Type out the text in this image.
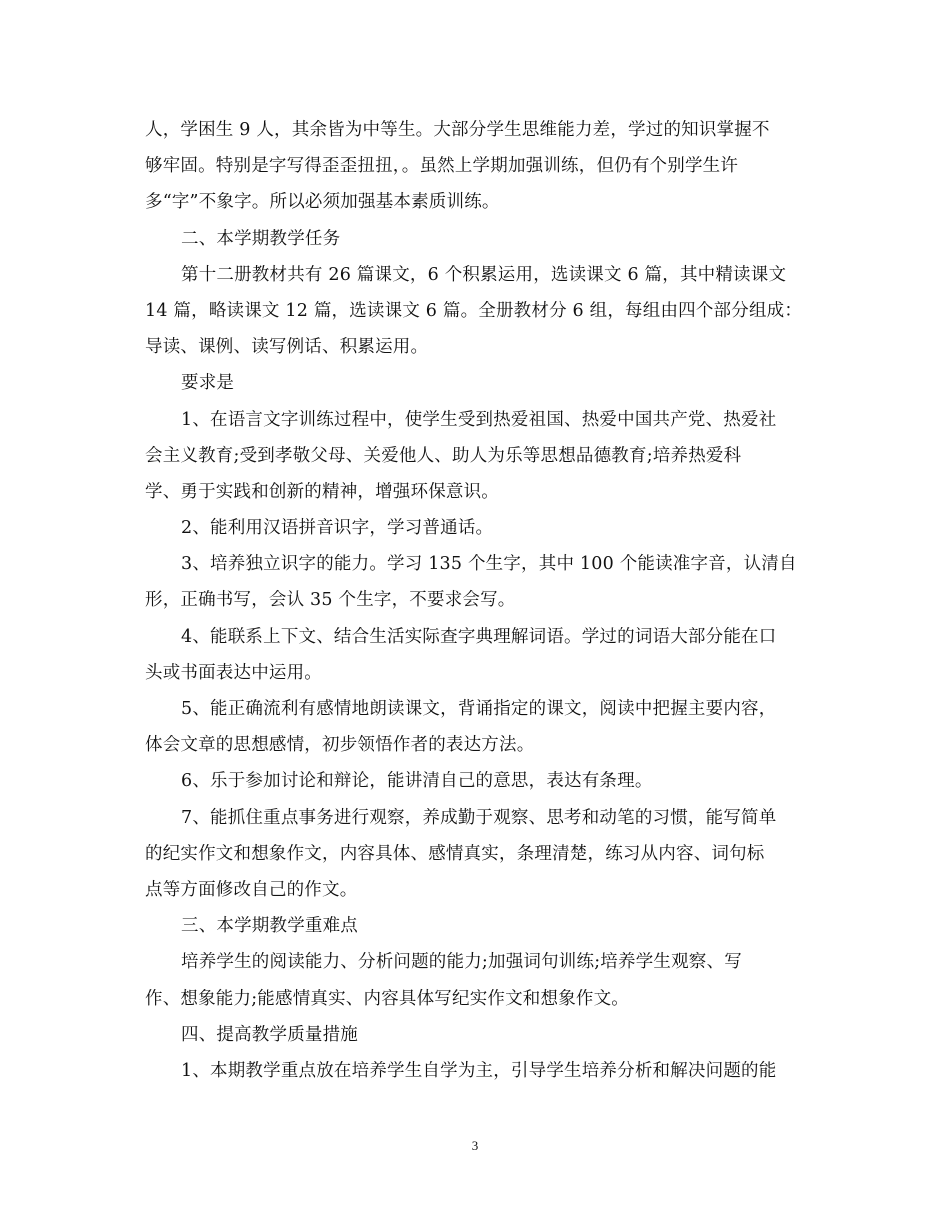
人，学困生 9 人，其余皆为中等生。大部分学生思维能力差，学过的知识掌握不
够牢固。特别是字写得歪歪扭扭，。虽然上学期加强训练，但仍有个别学生许
多“字”不象字。所以必须加强基本素质训练。
二、本学期教学任务
第十二册教材共有 26 篇课文，6 个积累运用，选读课文 6 篇，其中精读课文
14 篇，略读课文 12 篇，选读课文 6 篇。全册教材分 6 组，每组由四个部分组成：
导读、课例、读写例话、积累运用。
要求是
1、在语言文字训练过程中，使学生受到热爱祖国、热爱中国共产党、热爱社
会主义教育;受到孝敬父母、关爱他人、助人为乐等思想品德教育;培养热爱科
学、勇于实践和创新的精神，增强环保意识。
2、能利用汉语拼音识字，学习普通话。
3、培养独立识字的能力。学习 135 个生字，其中 100 个能读准字音，认清自
形，正确书写，会认 35 个生字，不要求会写。
4、能联系上下文、结合生活实际查字典理解词语。学过的词语大部分能在口
头或书面表达中运用。
5、能正确流利有感情地朗读课文，背诵指定的课文，阅读中把握主要内容，
体会文章的思想感情，初步领悟作者的表达方法。
6、乐于参加讨论和辩论，能讲清自己的意思，表达有条理。
7、能抓住重点事务进行观察，养成勤于观察、思考和动笔的习惯，能写简单
的纪实作文和想象作文，内容具体、感情真实，条理清楚，练习从内容、词句标
点等方面修改自己的作文。
三、本学期教学重难点
培养学生的阅读能力、分析问题的能力;加强词句训练;培养学生观察、写
作、想象能力;能感情真实、内容具体写纪实作文和想象作文。
四、提高教学质量措施
1、本期教学重点放在培养学生自学为主，引导学生培养分析和解决问题的能
3
